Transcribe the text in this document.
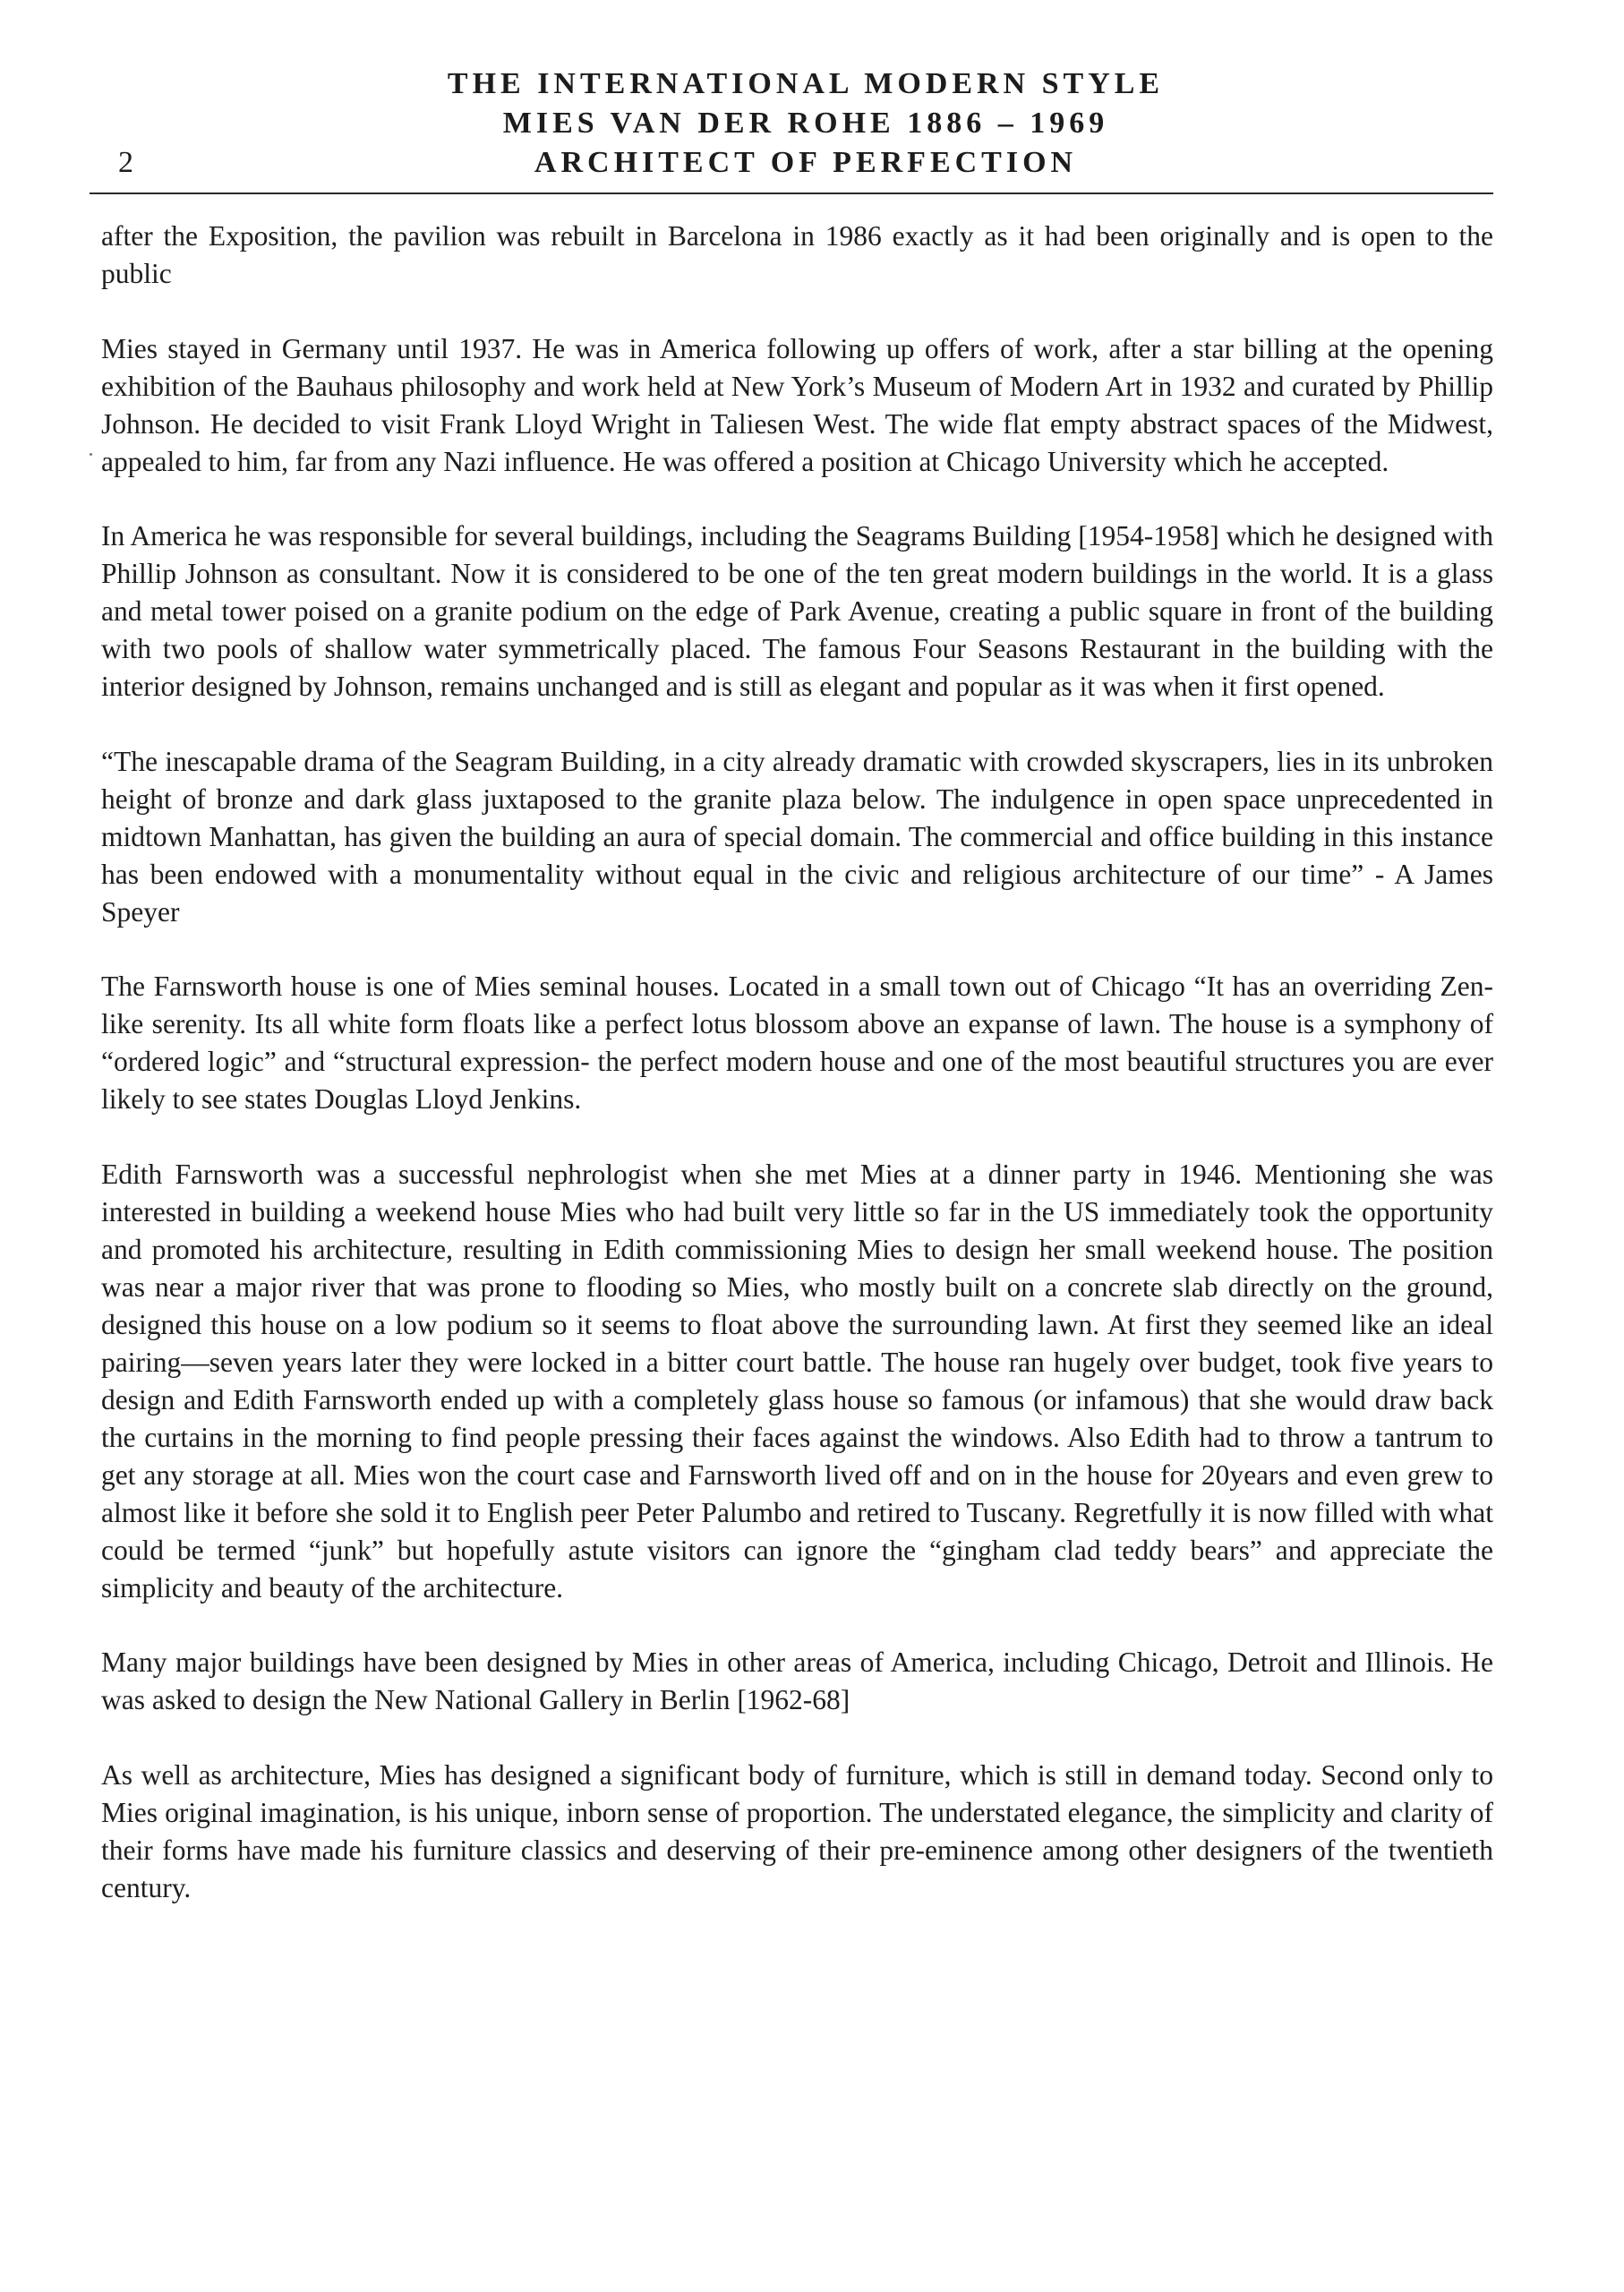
THE INTERNATIONAL MODERN STYLE
MIES VAN DER ROHE 1886 – 1969
ARCHITECT OF PERFECTION
2

after the Exposition, the pavilion was rebuilt in Barcelona in 1986 exactly as it had been originally and is open to the public

Mies stayed in Germany until 1937. He was in America following up offers of work, after a star billing at the opening exhibition of the Bauhaus philosophy and work held at New York’s Museum of Modern Art in 1932 and curated by Phillip Johnson. He decided to visit Frank Lloyd Wright in Taliesen West. The wide flat empty abstract spaces of the Midwest, appealed to him, far from any Nazi influence. He was offered a position at Chicago University which he accepted.

In America he was responsible for several buildings, including the Seagrams Building [1954-1958] which he designed with Phillip Johnson as consultant. Now it is considered to be one of the ten great modern buildings in the world. It is a glass and metal tower poised on a granite podium on the edge of Park Avenue, creating a public square in front of the building with two pools of shallow water symmetrically placed. The famous Four Seasons Restaurant in the building with the interior designed by Johnson, remains unchanged and is still as elegant and popular as it was when it first opened.

“The inescapable drama of the Seagram Building, in a city already dramatic with crowded skyscrapers, lies in its unbroken height of bronze and dark glass juxtaposed to the granite plaza below. The indulgence in open space unprecedented in midtown Manhattan, has given the building an aura of special domain. The commercial and office building in this instance has been endowed with a monumentality without equal in the civic and religious architecture of our time” - A James Speyer

The Farnsworth house is one of Mies seminal houses. Located in a small town out of Chicago “It has an overriding Zen- like serenity. Its all white form floats like a perfect lotus blossom above an expanse of lawn. The house is a symphony of “ordered logic” and “structural expression- the perfect modern house and one of the most beautiful structures you are ever likely to see states Douglas Lloyd Jenkins.

Edith Farnsworth was a successful nephrologist when she met Mies at a dinner party in 1946. Mentioning she was interested in building a weekend house Mies who had built very little so far in the US immediately took the opportunity and promoted his architecture, resulting in Edith commissioning Mies to design her small weekend house. The position was near a major river that was prone to flooding so Mies, who mostly built on a concrete slab directly on the ground, designed this house on a low podium so it seems to float above the surrounding lawn. At first they seemed like an ideal pairing—seven years later they were locked in a bitter court battle. The house ran hugely over budget, took five years to design and Edith Farnsworth ended up with a completely glass house so famous (or infamous) that she would draw back the curtains in the morning to find people pressing their faces against the windows. Also Edith had to throw a tantrum to get any storage at all. Mies won the court case and Farnsworth lived off and on in the house for 20years and even grew to almost like it before she sold it to English peer Peter Palumbo and retired to Tuscany. Regretfully it is now filled with what could be termed “junk” but hopefully astute visitors can ignore the “gingham clad teddy bears” and appreciate the simplicity and beauty of the architecture.

Many major buildings have been designed by Mies in other areas of America, including Chicago, Detroit and Illinois. He was asked to design the New National Gallery in Berlin [1962-68]

As well as architecture, Mies has designed a significant body of furniture, which is still in demand today. Second only to Mies original imagination, is his unique, inborn sense of proportion. The understated elegance, the simplicity and clarity of their forms have made his furniture classics and deserving of their pre-eminence among other designers of the twentieth century.
